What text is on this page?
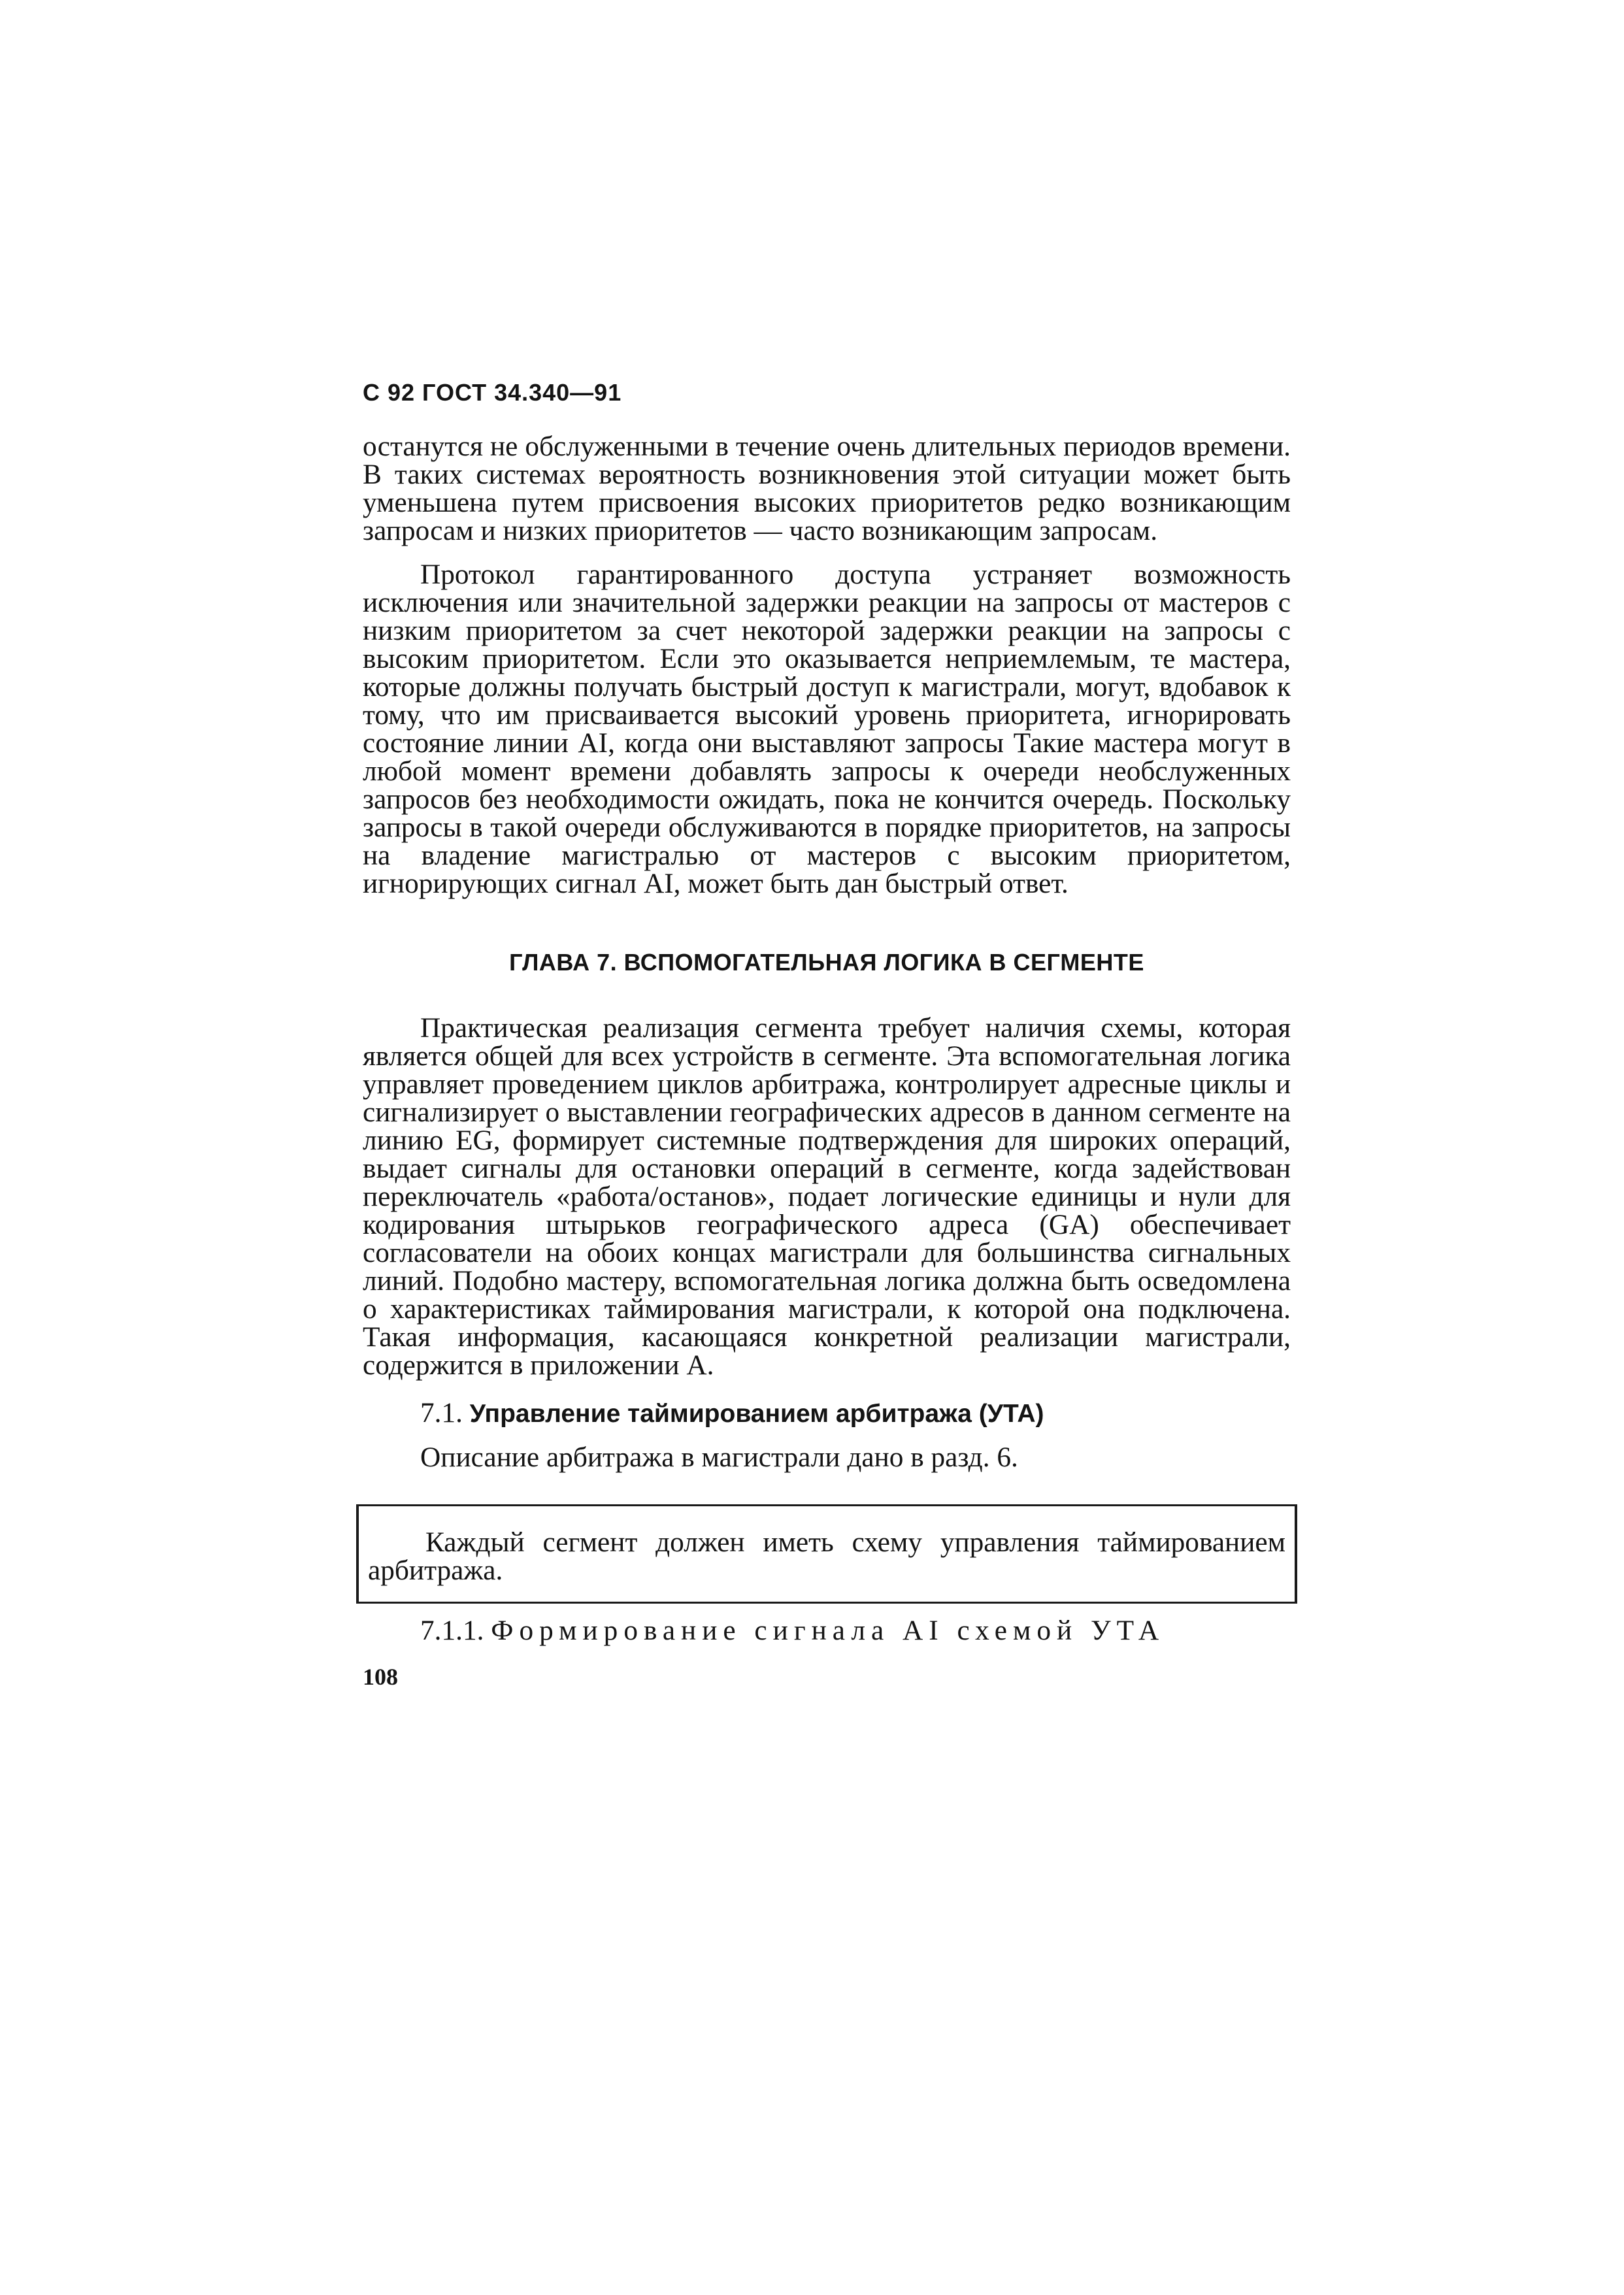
С 92 ГОСТ 34.340—91

останутся не обслуженными в течение очень длительных периодов времени. В таких системах вероятность возникновения этой ситуации может быть уменьшена путем присвоения высоких приоритетов редко возникающим запросам и низких приоритетов — часто возникающим запросам.

Протокол гарантированного доступа устраняет возможность исключения или значительной задержки реакции на запросы от мастеров с низким приоритетом за счет некоторой задержки реакции на запросы с высоким приоритетом. Если это оказывается неприемлемым, те мастера, которые должны получать быстрый доступ к магистрали, могут, вдобавок к тому, что им присваивается высокий уровень приоритета, игнорировать состояние линии AI, когда они выставляют запросы Такие мастера могут в любой момент времени добавлять запросы к очереди необслуженных запросов без необходимости ожидать, пока не кончится очередь. Поскольку запросы в такой очереди обслуживаются в порядке приоритетов, на запросы на владение магистралью от мастеров с высоким приоритетом, игнорирующих сигнал AI, может быть дан быстрый ответ.

ГЛАВА 7. ВСПОМОГАТЕЛЬНАЯ ЛОГИКА В СЕГМЕНТЕ

Практическая реализация сегмента требует наличия схемы, которая является общей для всех устройств в сегменте. Эта вспомогательная логика управляет проведением циклов арбитража, контролирует адресные циклы и сигнализирует о выставлении географических адресов в данном сегменте на линию EG, формирует системные подтверждения для широких операций, выдает сигналы для остановки операций в сегменте, когда задействован переключатель «работа/останов», подает логические единицы и нули для кодирования штырьков географического адреса (GA) обеспечивает согласователи на обоих концах магистрали для большинства сигнальных линий. Подобно мастеру, вспомогательная логика должна быть осведомлена о характеристиках таймирования магистрали, к которой она подключена. Такая информация, касающаяся конкретной реализации магистрали, содержится в приложении А.

7.1. Управление таймированием арбитража (УТА)
Описание арбитража в магистрали дано в разд. 6.

Каждый сегмент должен иметь схему управления таймированием арбитража.

7.1.1. Формирование сигнала AI схемой УТА
108
